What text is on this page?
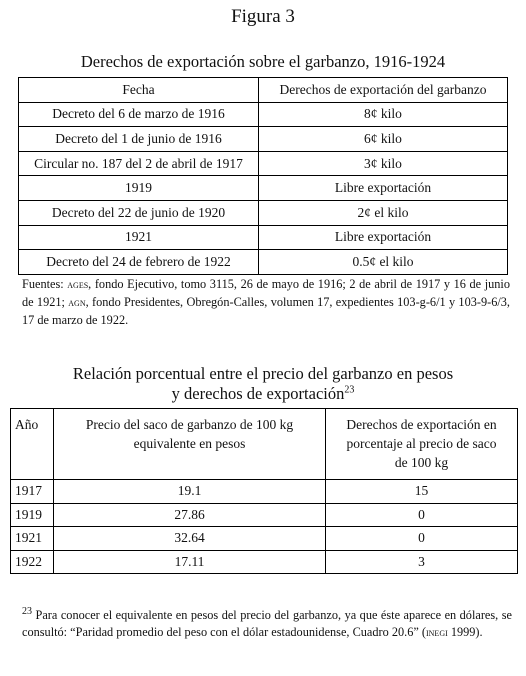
Figura 3
Derechos de exportación sobre el garbanzo, 1916-1924
Fecha	Derechos de exportación del garbanzo
Decreto del 6 de marzo de 1916	8¢ kilo
Decreto del 1 de junio de 1916	6¢ kilo
Circular no. 187 del 2 de abril de 1917	3¢ kilo
1919	Libre exportación
Decreto del 22 de junio de 1920	2¢ el kilo
1921	Libre exportación
Decreto del 24 de febrero de 1922	0.5¢ el kilo
Fuentes: ages, fondo Ejecutivo, tomo 3115, 26 de mayo de 1916; 2 de abril de 1917 y 16 de junio de 1921; agn, fondo Presidentes, Obregón-Calles, volumen 17, expedientes 103-g-6/1 y 103-9-6/3, 17 de marzo de 1922.
Relación porcentual entre el precio del garbanzo en pesos
y derechos de exportación$^{23}$
Año	Precio del saco de garbanzo de 100 kg equivalente en pesos	Derechos de exportación en porcentaje al precio de saco de 100 kg
1917	19.1	15
1919	27.86	0
1921	32.64	0
1922	17.11	3
$^{23}$ Para conocer el equivalente en pesos del precio del garbanzo, ya que éste aparece en dólares, se consultó: “Paridad promedio del peso con el dólar estadounidense, Cuadro 20.6” (inegi 1999).
